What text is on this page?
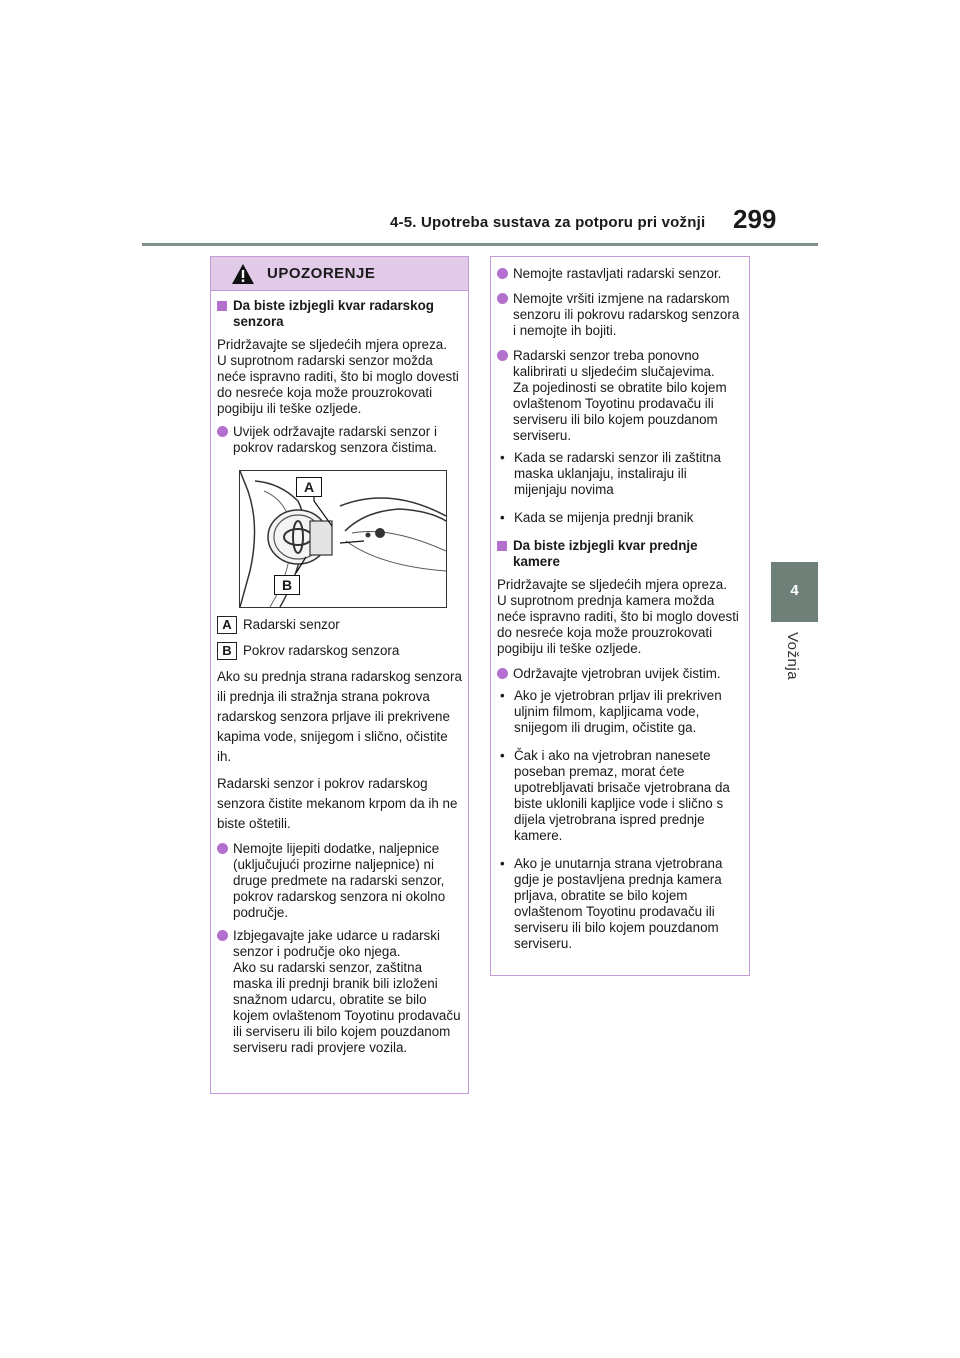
4-5. Upotreba sustava za potporu pri vožnji 299
4
Vožnja
UPOZORENJE
Da biste izbjegli kvar radarskog senzora
Pridržavajte se sljedećih mjera opreza.
U suprotnom radarski senzor možda neće ispravno raditi, što bi moglo dovesti do nesreće koja može prouzrokovati pogibiju ili teške ozljede.
Uvijek održavajte radarski senzor i pokrov radarskog senzora čistima.
A
B
A Radarski senzor
B Pokrov radarskog senzora
Ako su prednja strana radarskog senzora ili prednja ili stražnja strana pokrova radarskog senzora prljave ili prekrivene kapima vode, snijegom i slično, očistite ih.
Radarski senzor i pokrov radarskog senzora čistite mekanom krpom da ih ne biste oštetili.
Nemojte lijepiti dodatke, naljepnice (uključujući prozirne naljepnice) ni druge predmete na radarski senzor, pokrov radarskog senzora ni okolno područje.
Izbjegavajte jake udarce u radarski senzor i područje oko njega.
Ako su radarski senzor, zaštitna maska ili prednji branik bili izloženi snažnom udarcu, obratite se bilo kojem ovlaštenom Toyotinu prodavaču ili serviseru ili bilo kojem pouzdanom serviseru radi provjere vozila.
Nemojte rastavljati radarski senzor.
Nemojte vršiti izmjene na radarskom senzoru ili pokrovu radarskog senzora i nemojte ih bojiti.
Radarski senzor treba ponovno kalibrirati u sljedećim slučajevima.
Za pojedinosti se obratite bilo kojem ovlaštenom Toyotinu prodavaču ili serviseru ili bilo kojem pouzdanom serviseru.
• Kada se radarski senzor ili zaštitna maska uklanjaju, instaliraju ili mijenjaju novima
• Kada se mijenja prednji branik
Da biste izbjegli kvar prednje kamere
Pridržavajte se sljedećih mjera opreza.
U suprotnom prednja kamera možda neće ispravno raditi, što bi moglo dovesti do nesreće koja može prouzrokovati pogibiju ili teške ozljede.
Održavajte vjetrobran uvijek čistim.
• Ako je vjetrobran prljav ili prekriven uljnim filmom, kapljicama vode, snijegom ili drugim, očistite ga.
• Čak i ako na vjetrobran nanesete poseban premaz, morat ćete upotrebljavati brisače vjetrobrana da biste uklonili kapljice vode i slično s dijela vjetrobrana ispred prednje kamere.
• Ako je unutarnja strana vjetrobrana gdje je postavljena prednja kamera prljava, obratite se bilo kojem ovlaštenom Toyotinu prodavaču ili serviseru ili bilo kojem pouzdanom serviseru.
